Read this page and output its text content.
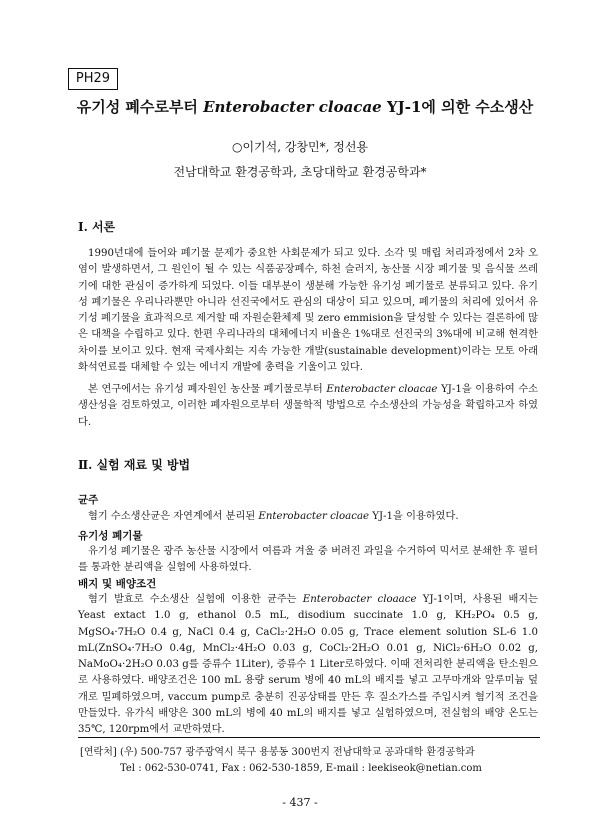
PH29
유기성 폐수로부터 Enterobacter cloacae YJ-1에 의한 수소생산
○이기석, 강창민*, 정선용
전남대학교 환경공학과, 초당대학교 환경공학과*
Ⅰ. 서론
1990년대에 들어와 폐기물 문제가 중요한 사회문제가 되고 있다. 소각 및 매립 처리과정에서 2차 오염이 발생하면서, 그 원인이 될 수 있는 식품공장폐수, 하천 슬러지, 농산물 시장 폐기물 및 음식물 쓰레기에 대한 관심이 증가하게 되었다. 이들 대부분이 생분해 가능한 유기성 폐기물로 분류되고 있다. 유기성 폐기물은 우리나라뿐만 아니라 선진국에서도 관심의 대상이 되고 있으며, 폐기물의 처리에 있어서 유기성 폐기물을 효과적으로 제거할 때 자원순환체제 및 zero emmision을 달성할 수 있다는 결론하에 많은 대책을 수립하고 있다. 한편 우리나라의 대체에너지 비율은 1%대로 선진국의 3%대에 비교해 현격한 차이를 보이고 있다. 현재 국제사회는 지속 가능한 개발(sustainable development)이라는 모토 아래 화석연료를 대체할 수 있는 에너지 개발에 총력을 기울이고 있다.
본 연구에서는 유기성 폐자원인 농산물 폐기물로부터 Enterobacter cloacae YJ-1을 이용하여 수소생산성을 검토하였고, 이러한 폐자원으로부터 생물학적 방법으로 수소생산의 가능성을 확립하고자 하였다.
Ⅱ. 실험 재료 및 방법
균주
혐기 수소생산균은 자연계에서 분리된 Enterobacter cloacae YJ-1을 이용하였다.
유기성 폐기물
유기성 폐기물은 광주 농산물 시장에서 여름과 겨울 중 버려진 과일을 수거하여 믹서로 분쇄한 후 필터를 통과한 분리액을 실험에 사용하였다.
배지 및 배양조건
혐기 발효로 수소생산 실험에 이용한 균주는 Enterobacter cloaace YJ-1이며, 사용된 배지는 Yeast extact 1.0 g, ethanol 0.5 mL, disodium succinate 1.0 g, KH₂PO₄ 0.5 g, MgSO₄·7H₂O 0.4 g, NaCl 0.4 g, CaCl₂·2H₂O 0.05 g, Trace element solution SL-6 1.0 mL(ZnSO₄·7H₂O 0.4g, MnCl₂·4H₂O 0.03 g, CoCl₂·2H₂O 0.01 g, NiCl₂·6H₂O 0.02 g, NaMoO₄·2H₂O 0.03 g를 증류수 1Liter), 증류수 1 Liter로하였다. 이때 전처리한 분리액을 탄소원으로 사용하였다. 배양조건은 100 mL 용량 serum 병에 40 mL의 배지를 넣고 고무마개와 알루미늄 덮개로 밀폐하였으며, vaccum pump로 충분히 진공상태를 만든 후 질소가스를 주입시켜 혐기적 조건을 만들었다. 유가식 배양은 300 mL의 병에 40 mL의 배지를 넣고 실험하였으며, 전실험의 배양 온도는 35℃, 120rpm에서 교반하였다.
[연락처] (우) 500-757 광주광역시 북구 용봉동 300번지 전남대학교 공과대학 환경공학과
Tel : 062-530-0741, Fax : 062-530-1859, E-mail : leekiseok@netian.com
- 437 -
